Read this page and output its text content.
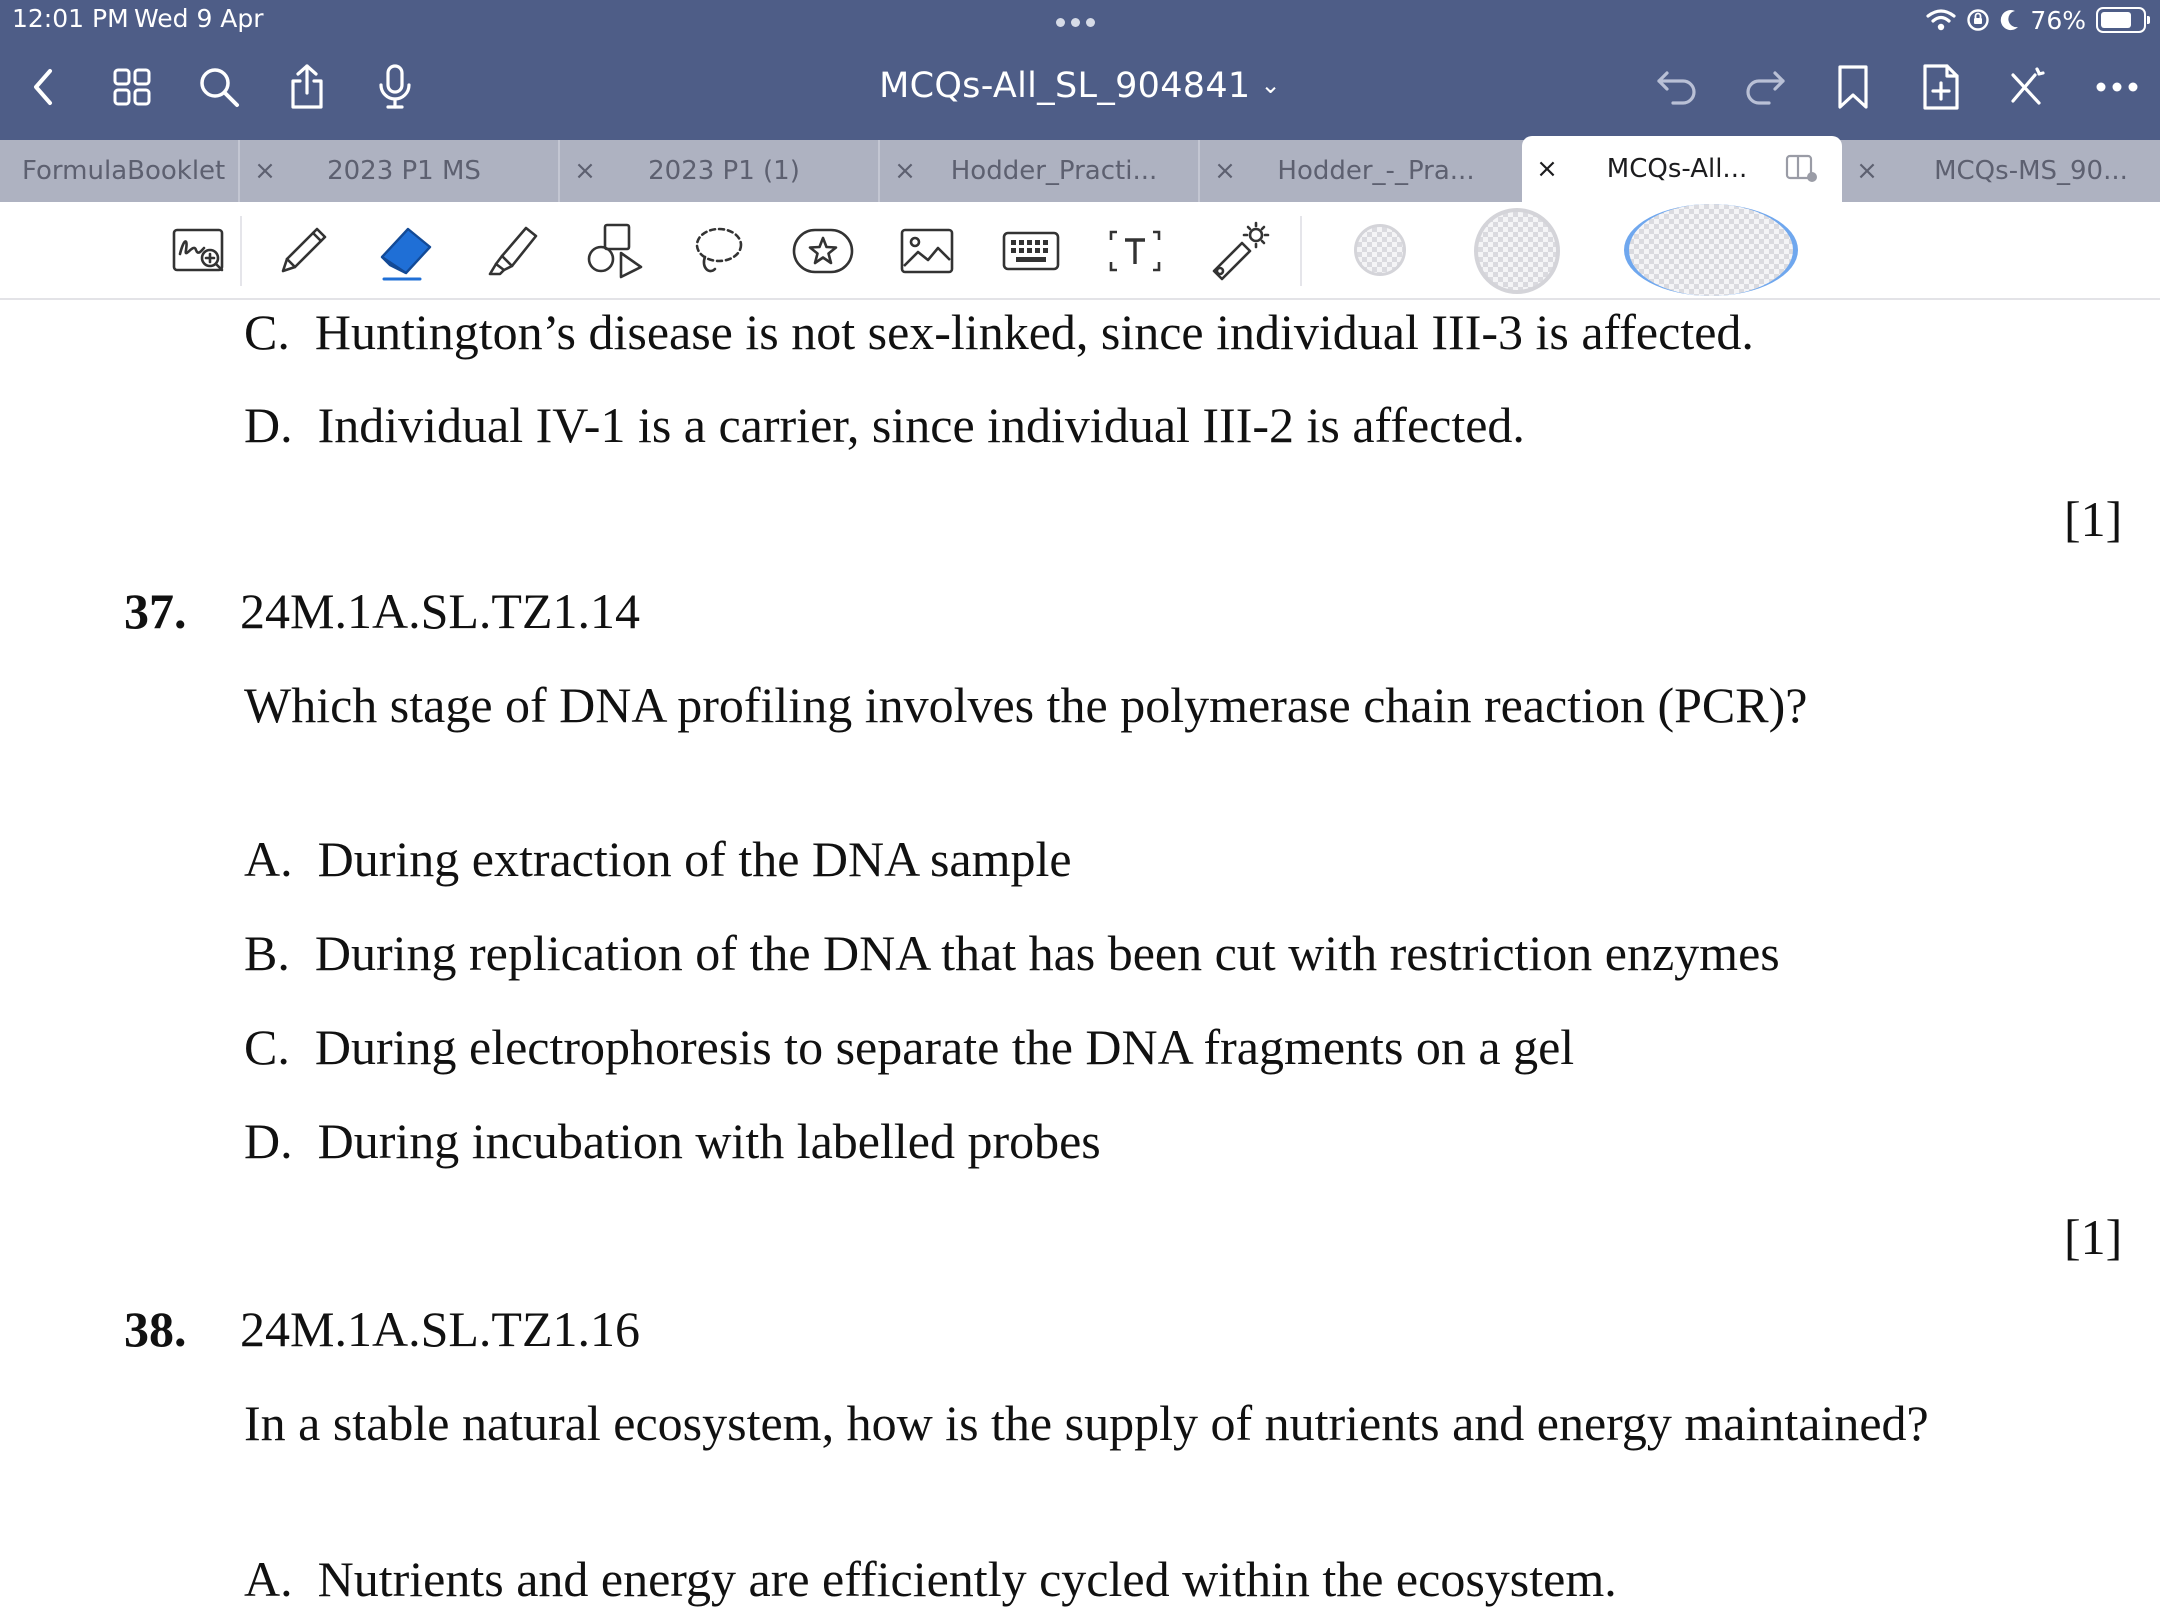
12:01 PM Wed 9 Apr	76%
MCQs-All_SL_904841 ⌄
FormulaBooklet	×	2023 P1 MS	×	2023 P1 (1)	×	Hodder_Practi...	×	Hodder_-_Pra...	×	MCQs-All...	×	MCQs-MS_90...
C. Huntington’s disease is not sex-linked, since individual III-3 is affected.
D. Individual IV-1 is a carrier, since individual III-2 is affected.
[1]
37. 24M.1A.SL.TZ1.14
Which stage of DNA profiling involves the polymerase chain reaction (PCR)?
A. During extraction of the DNA sample
B. During replication of the DNA that has been cut with restriction enzymes
C. During electrophoresis to separate the DNA fragments on a gel
D. During incubation with labelled probes
[1]
38. 24M.1A.SL.TZ1.16
In a stable natural ecosystem, how is the supply of nutrients and energy maintained?
A. Nutrients and energy are efficiently cycled within the ecosystem.
